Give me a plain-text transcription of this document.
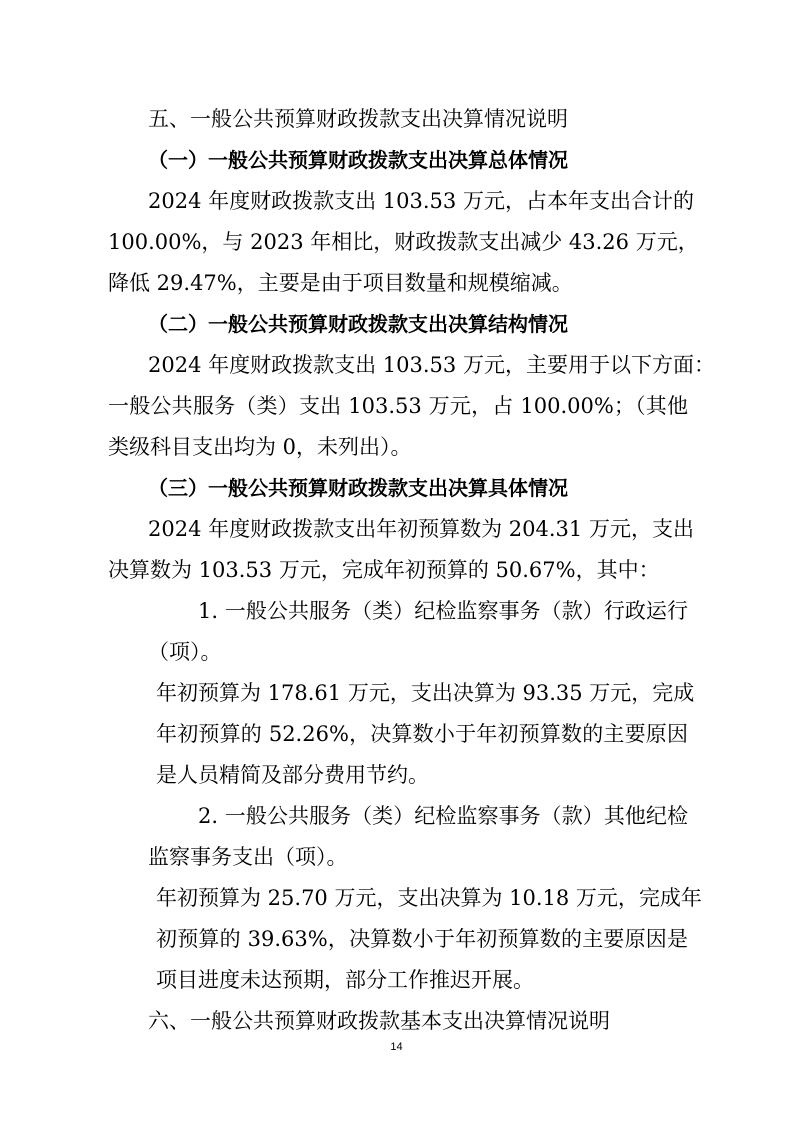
五、一般公共预算财政拨款支出决算情况说明
（一）一般公共预算财政拨款支出决算总体情况
2024 年度财政拨款支出 103.53 万元，占本年支出合计的
100.00%，与 2023 年相比，财政拨款支出减少 43.26 万元，
降低 29.47%，主要是由于项目数量和规模缩减。
（二）一般公共预算财政拨款支出决算结构情况
2024 年度财政拨款支出 103.53 万元，主要用于以下方面：
一般公共服务（类）支出 103.53 万元，占 100.00%；（其他
类级科目支出均为 0，未列出）。
（三）一般公共预算财政拨款支出决算具体情况
2024 年度财政拨款支出年初预算数为 204.31 万元，支出
决算数为 103.53 万元，完成年初预算的 50.67%，其中：
1. 一般公共服务（类）纪检监察事务（款）行政运行
（项）。
年初预算为 178.61 万元，支出决算为 93.35 万元，完成
年初预算的 52.26%，决算数小于年初预算数的主要原因
是人员精简及部分费用节约。
2. 一般公共服务（类）纪检监察事务（款）其他纪检
监察事务支出（项）。
年初预算为 25.70 万元，支出决算为 10.18 万元，完成年
初预算的 39.63%，决算数小于年初预算数的主要原因是
项目进度未达预期，部分工作推迟开展。
六、一般公共预算财政拨款基本支出决算情况说明
14
